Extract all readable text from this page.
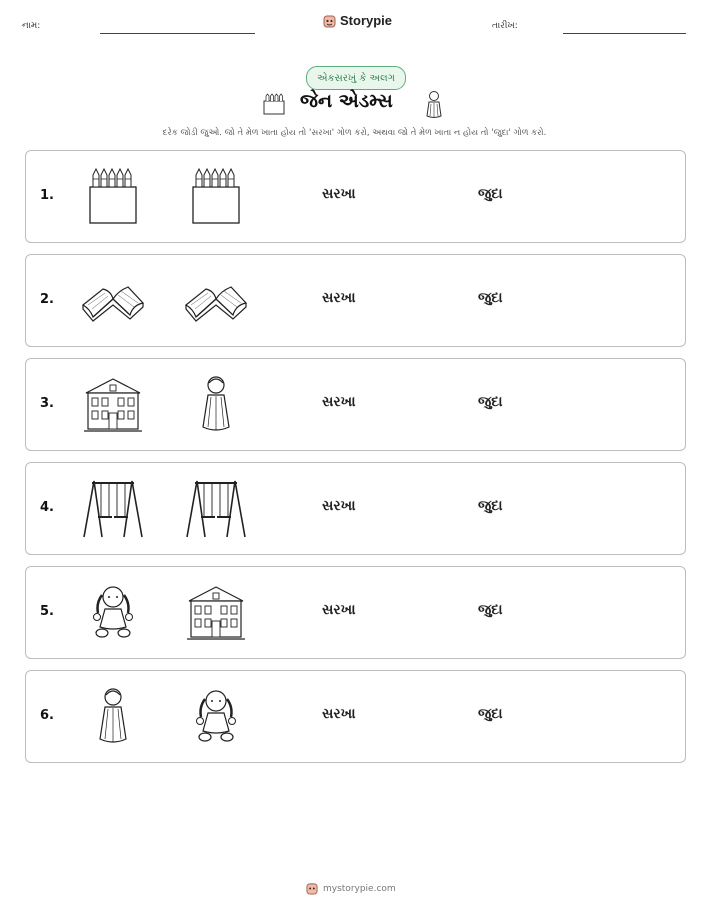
નામ:	Storypie	તારીખ:
એકસરખું કે અલગ
જેન એડમ્સ
દરેક જોડી જુઓ. જો તે મેળ ખાતા હોય તો 'સરખા' ગોળ કરો, અથવા જો તે મેળ ખાતા ન હોય તો 'જુદા' ગોળ કરો.
1.	સરખા	જુદા
2.	સરખા	જુદા
3.	સરખા	જુદા
4.	સરખા	જુદા
5.	સરખા	જુદા
6.	સરખા	જુદા
mystorypie.com
